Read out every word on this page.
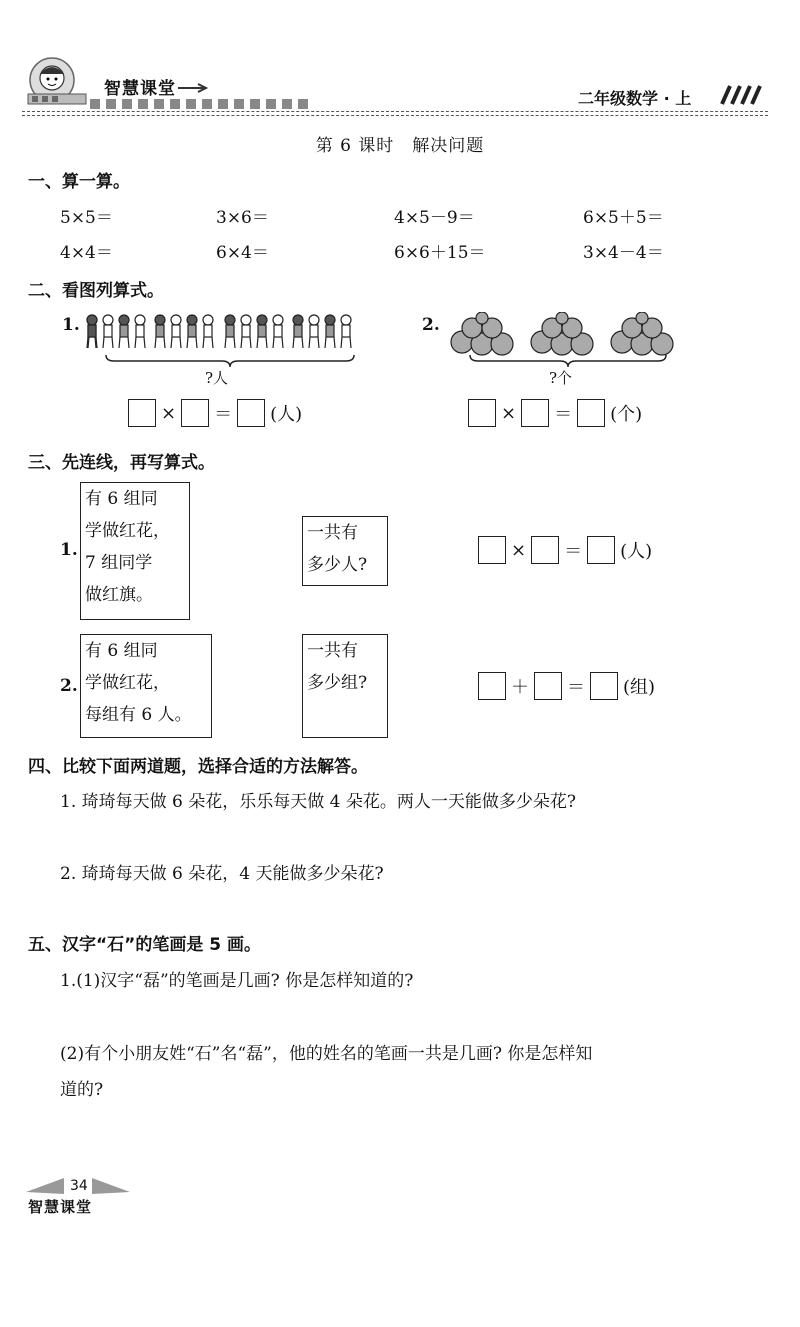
智慧课堂	二年级数学 · 上
第 6 课时　解决问题
一、算一算。
5×5＝	3×6＝	4×5－9＝	6×5＋5＝
4×4＝	6×4＝	6×6＋15＝	3×4－4＝
二、看图列算式。
1.
?人
× ＝ (人)
2.
?个
× ＝ (个)
三、先连线，再写算式。
1.
有 6 组同
学做红花，
7 组同学
做红旗。
一共有
多少人?
× ＝ (人)
2.
有 6 组同
学做红花，
每组有 6 人。
一共有
多少组?	＋ ＝ (组)
四、比较下面两道题，选择合适的方法解答。
1. 琦琦每天做 6 朵花，乐乐每天做 4 朵花。两人一天能做多少朵花?
2. 琦琦每天做 6 朵花，4 天能做多少朵花?
五、汉字“石”的笔画是 5 画。
1.(1)汉字“磊”的笔画是几画? 你是怎样知道的?
(2)有个小朋友姓“石”名“磊”，他的姓名的笔画一共是几画? 你是怎样知
道的?
34
智慧课堂
